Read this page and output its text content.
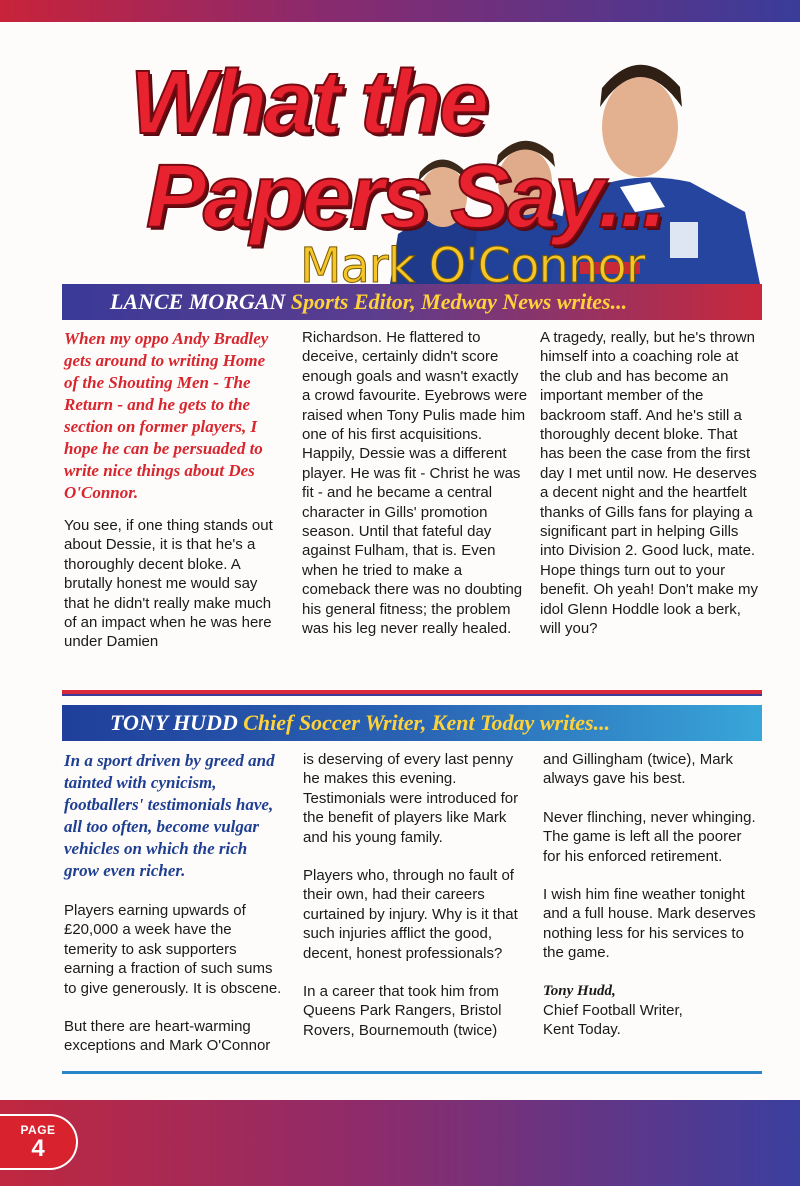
What the
Papers Say...
Mark O'Connor
LANCE MORGAN Sports Editor, Medway News writes...

When my oppo Andy Bradley gets around to writing Home of the Shouting Men - The Return - and he gets to the section on former players, I hope he can be persuaded to write nice things about Des O'Connor.

You see, if one thing stands out about Dessie, it is that he's a thoroughly decent bloke. A brutally honest me would say that he didn't really make much of an impact when he was here under Damien

Richardson. He flattered to deceive, certainly didn't score enough goals and wasn't exactly a crowd favourite. Eyebrows were raised when Tony Pulis made him one of his first acquisitions. Happily, Dessie was a different player. He was fit - Christ he was fit - and he became a central character in Gills' promotion season. Until that fateful day against Fulham, that is. Even when he tried to make a comeback there was no doubting his general fitness; the problem was his leg never really healed.

A tragedy, really, but he's thrown himself into a coaching role at the club and has become an important member of the backroom staff. And he's still a thoroughly decent bloke. That has been the case from the first day I met until now. He deserves a decent night and the heartfelt thanks of Gills fans for playing a significant part in helping Gills into Division 2. Good luck, mate. Hope things turn out to your benefit. Oh yeah! Don't make my idol Glenn Hoddle look a berk, will you?

TONY HUDD Chief Soccer Writer, Kent Today writes...

In a sport driven by greed and tainted with cynicism, footballers' testimonials have, all too often, become vulgar vehicles on which the rich grow even richer.

Players earning upwards of £20,000 a week have the temerity to ask supporters earning a fraction of such sums to give generously. It is obscene.

But there are heart-warming exceptions and Mark O'Connor

is deserving of every last penny he makes this evening. Testimonials were introduced for the benefit of players like Mark and his young family.

Players who, through no fault of their own, had their careers curtained by injury. Why is it that such injuries afflict the good, decent, honest professionals?

In a career that took him from Queens Park Rangers, Bristol Rovers, Bournemouth (twice)

and Gillingham (twice), Mark always gave his best.

Never flinching, never whinging. The game is left all the poorer for his enforced retirement.

I wish him fine weather tonight and a full house. Mark deserves nothing less for his services to the game.

Tony Hudd,

Chief Football Writer,

Kent Today.

PAGE
4
